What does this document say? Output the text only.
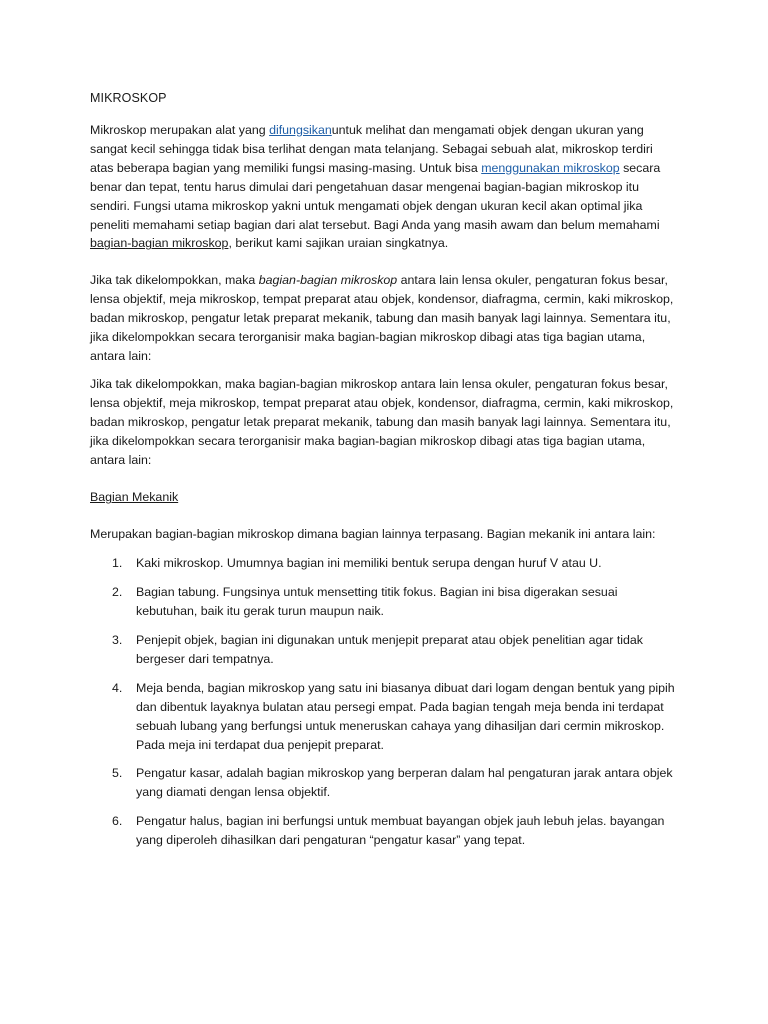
MIKROSKOP

Mikroskop merupakan alat yang difungsikanuntuk melihat dan mengamati objek dengan ukuran yang sangat kecil sehingga tidak bisa terlihat dengan mata telanjang. Sebagai sebuah alat, mikroskop terdiri atas beberapa bagian yang memiliki fungsi masing-masing. Untuk bisa menggunakan mikroskop secara benar dan tepat, tentu harus dimulai dari pengetahuan dasar mengenai bagian-bagian mikroskop itu sendiri. Fungsi utama mikroskop yakni untuk mengamati objek dengan ukuran kecil akan optimal jika peneliti memahami setiap bagian dari alat tersebut. Bagi Anda yang masih awam dan belum memahami bagian-bagian mikroskop, berikut kami sajikan uraian singkatnya.

Jika tak dikelompokkan, maka bagian-bagian mikroskop antara lain lensa okuler, pengaturan fokus besar, lensa objektif, meja mikroskop, tempat preparat atau objek, kondensor, diafragma, cermin, kaki mikroskop, badan mikroskop, pengatur letak preparat mekanik, tabung dan masih banyak lagi lainnya. Sementara itu, jika dikelompokkan secara terorganisir maka bagian-bagian mikroskop dibagi atas tiga bagian utama, antara lain:

Jika tak dikelompokkan, maka bagian-bagian mikroskop antara lain lensa okuler, pengaturan fokus besar, lensa objektif, meja mikroskop, tempat preparat atau objek, kondensor, diafragma, cermin, kaki mikroskop, badan mikroskop, pengatur letak preparat mekanik, tabung dan masih banyak lagi lainnya. Sementara itu, jika dikelompokkan secara terorganisir maka bagian-bagian mikroskop dibagi atas tiga bagian utama, antara lain:

Bagian Mekanik

Merupakan bagian-bagian mikroskop dimana bagian lainnya terpasang. Bagian mekanik ini antara lain:

1. Kaki mikroskop. Umumnya bagian ini memiliki bentuk serupa dengan huruf V atau U.
2. Bagian tabung. Fungsinya untuk mensetting titik fokus. Bagian ini bisa digerakan sesuai kebutuhan, baik itu gerak turun maupun naik.
3. Penjepit objek, bagian ini digunakan untuk menjepit preparat atau objek penelitian agar tidak bergeser dari tempatnya.
4. Meja benda, bagian mikroskop yang satu ini biasanya dibuat dari logam dengan bentuk yang pipih dan dibentuk layaknya bulatan atau persegi empat. Pada bagian tengah meja benda ini terdapat sebuah lubang yang berfungsi untuk meneruskan cahaya yang dihasiljan dari cermin mikroskop. Pada meja ini terdapat dua penjepit preparat.
5. Pengatur kasar, adalah bagian mikroskop yang berperan dalam hal pengaturan jarak antara objek yang diamati dengan lensa objektif.
6. Pengatur halus, bagian ini berfungsi untuk membuat bayangan objek jauh lebuh jelas. bayangan yang diperoleh dihasilkan dari pengaturan “pengatur kasar” yang tepat.
